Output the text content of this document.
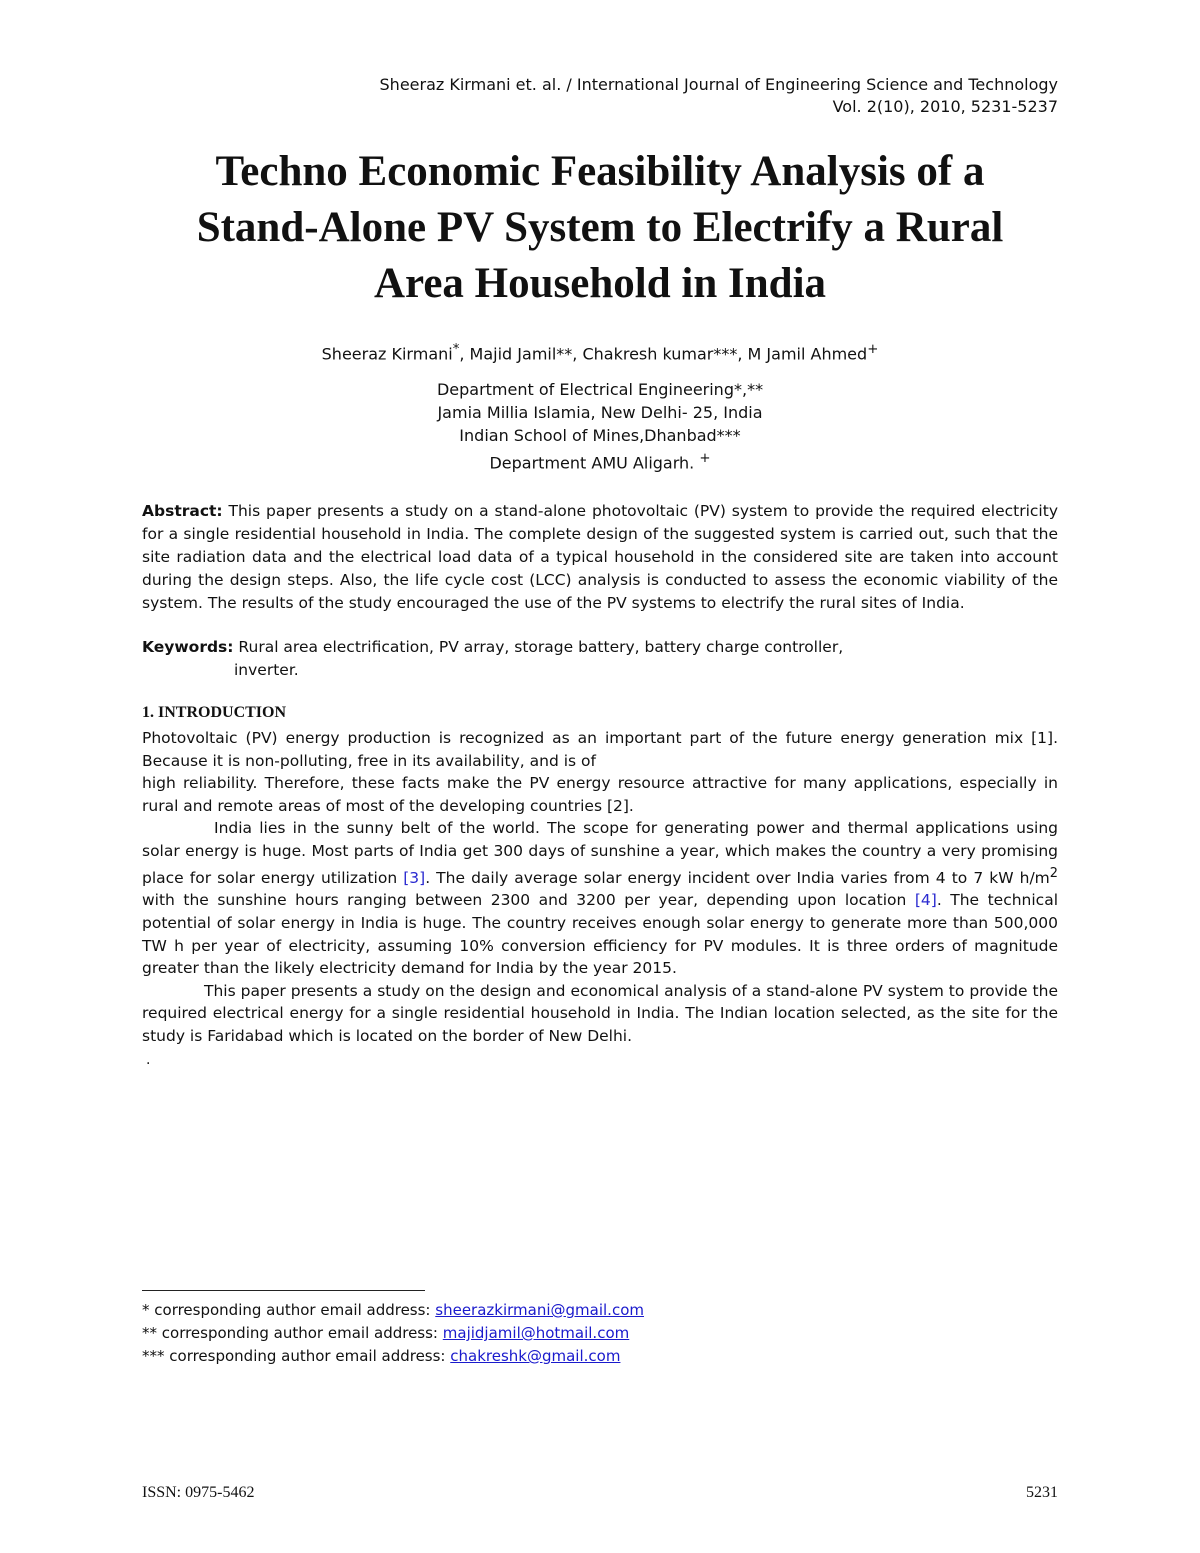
Sheeraz Kirmani et. al. / International Journal of Engineering Science and Technology
Vol. 2(10), 2010, 5231-5237
Techno Economic Feasibility Analysis of a
Stand-Alone PV System to Electrify a Rural
Area Household in India
Sheeraz Kirmani*, Majid Jamil**, Chakresh kumar***, M Jamil Ahmed+
Department of Electrical Engineering*,**
Jamia Millia Islamia, New Delhi- 25, India
Indian School of Mines,Dhanbad***
Department AMU Aligarh. +
Abstract: This paper presents a study on a stand-alone photovoltaic (PV) system to provide the required electricity for a single residential household in India. The complete design of the suggested system is carried out, such that the site radiation data and the electrical load data of a typical household in the considered site are taken into account during the design steps. Also, the life cycle cost (LCC) analysis is conducted to assess the economic viability of the system. The results of the study encouraged the use of the PV systems to electrify the rural sites of India.
Keywords: Rural area electrification, PV array, storage battery, battery charge controller,
inverter.
1. INTRODUCTION

Photovoltaic (PV) energy production is recognized as an important part of the future energy generation mix [1]. Because it is non-polluting, free in its availability, and is of

high reliability. Therefore, these facts make the PV energy resource attractive for many applications, especially in rural and remote areas of most of the developing countries [2].

India lies in the sunny belt of the world. The scope for generating power and thermal applications using solar energy is huge. Most parts of India get 300 days of sunshine a year, which makes the country a very promising place for solar energy utilization [3]. The daily average solar energy incident over India varies from 4 to 7 kW $h/m^2$ with the sunshine hours ranging between 2300 and 3200 per year, depending upon location [4]. The technical potential of solar energy in India is huge. The country receives enough solar energy to generate more than 500,000 TW h per year of electricity, assuming 10% conversion efficiency for PV modules. It is three orders of magnitude greater than the likely electricity demand for India by the year 2015.

This paper presents a study on the design and economical analysis of a stand-alone PV system to provide the required electrical energy for a single residential household in India. The Indian location selected, as the site for the study is Faridabad which is located on the border of New Delhi.

.
* corresponding author email address: sheerazkirmani@gmail.com
** corresponding author email address: majidjamil@hotmail.com
*** corresponding author email address: chakreshk@gmail.com
ISSN: 0975-5462	5231
